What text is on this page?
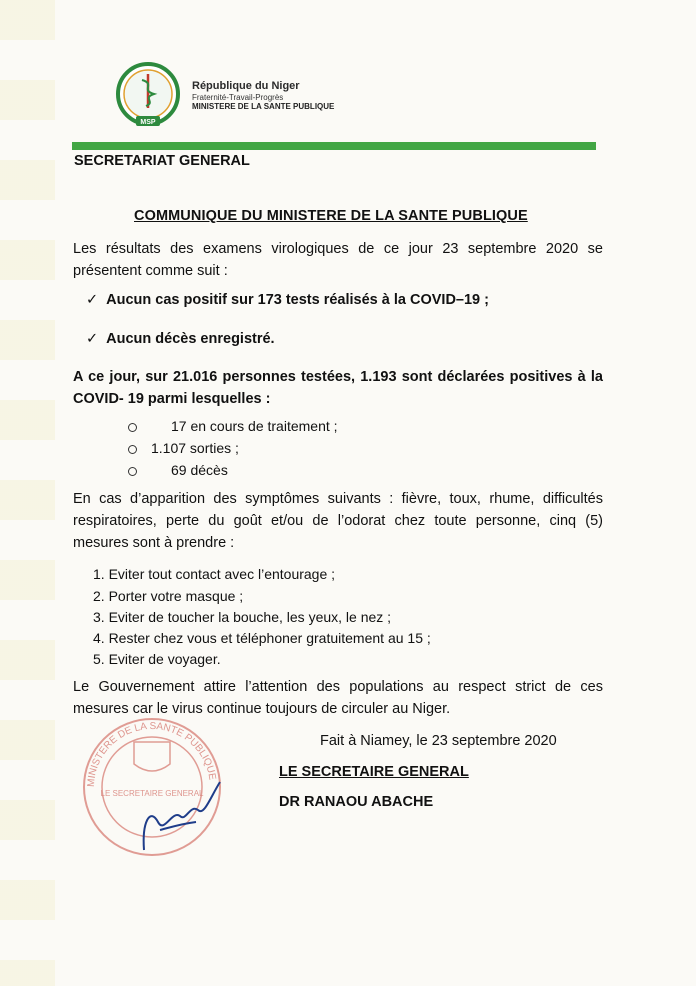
MSP
République du Niger
Fraternité-Travail-Progrès
MINISTERE DE LA SANTE PUBLIQUE
SECRETARIAT GENERAL
COMMUNIQUE DU MINISTERE DE LA SANTE PUBLIQUE
Les résultats des examens virologiques de ce jour 23 septembre 2020 se présentent comme suit :
✓ Aucun cas positif sur 173 tests réalisés à la COVID–19 ;
✓ Aucun décès enregistré.
A ce jour, sur 21.016 personnes testées, 1.193 sont déclarées positives à la COVID- 19 parmi lesquelles :
17 en cours de traitement ;
1.107 sorties ;
69 décès
En cas d’apparition des symptômes suivants : fièvre, toux, rhume, difficultés respiratoires, perte du goût et/ou de l’odorat chez toute personne, cinq (5) mesures sont à prendre :
1. Eviter tout contact avec l’entourage ;
2. Porter votre masque ;
3. Eviter de toucher la bouche, les yeux, le nez ;
4. Rester chez vous et téléphoner gratuitement au 15 ;
5. Eviter de voyager.
Le Gouvernement attire l’attention des populations au respect strict de ces mesures car le virus continue toujours de circuler au Niger.
MINISTERE DE LA SANTE PUBLIQUE
LE SECRETAIRE GENERAL
Fait à Niamey, le 23 septembre 2020
LE SECRETAIRE GENERAL
DR RANAOU ABACHE
